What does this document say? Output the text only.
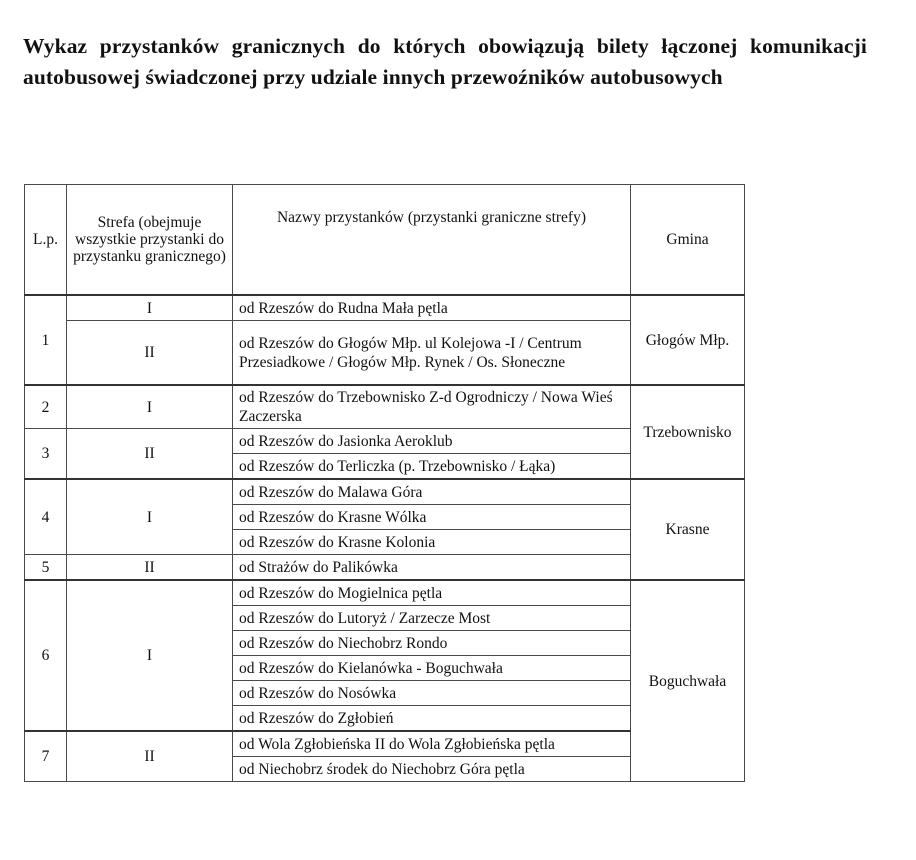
Wykaz przystanków granicznych do których obowiązują bilety łączonej komunikacji autobusowej świadczonej przy udziale innych przewoźników autobusowych
L.p.	Strefa (obejmuje wszystkie przystanki do przystanku granicznego)	Nazwy przystanków (przystanki graniczne strefy)	Gmina
1	I	od Rzeszów do Rudna Mała pętla	Głogów Młp.
	II	od Rzeszów do Głogów Młp. ul Kolejowa -I / Centrum Przesiadkowe / Głogów Młp. Rynek / Os. Słoneczne	
2	I	od Rzeszów do Trzebownisko Z-d Ogrodniczy / Nowa Wieś Zaczerska	Trzebownisko
3	II	od Rzeszów do Jasionka Aeroklub	
		od Rzeszów do Terliczka (p. Trzebownisko / Łąka)	
4	I	od Rzeszów do Malawa Góra	Krasne
		od Rzeszów do Krasne Wólka	
		od Rzeszów do Krasne Kolonia	
5	II	od Strażów do Palikówka	
6	I	od Rzeszów do Mogielnica pętla	Boguchwała
		od Rzeszów do Lutoryż / Zarzecze Most	
		od Rzeszów do Niechobrz Rondo	
		od Rzeszów do Kielanówka - Boguchwała	
		od Rzeszów do Nosówka	
		od Rzeszów do Zgłobień	
7	II	od Wola Zgłobieńska II do Wola Zgłobieńska pętla	
		od Niechobrz środek do Niechobrz Góra pętla	
